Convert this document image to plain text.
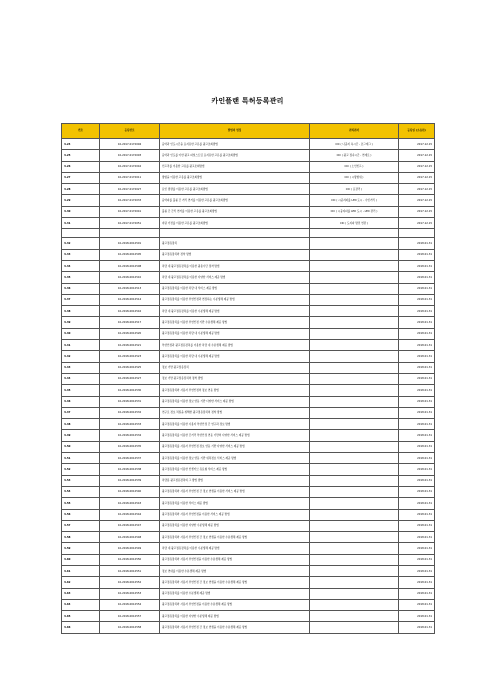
카인플랜 특허등록관리
번호	등록번호	발명의 명칭	권리권자	등록일 (소유년)
3-24	10-2017-0172094	음악과 인포시간을 표지유한 고유를 광고조회방법	CIC ( 나중지 속시간 - 조그재그 )	2017.12.15
3-25	10-2017-0172093	음악과 인포를 이한 광고 파일스트링 표지유한 고유를 광고조회방법	CIC ( 광고 접속시간 - 연재로 )	2017.12.15
3-26	10-2017-0172016	인프라를 이용한 고유를 광고조회방법	CIC ( 노인인프 )	2017.12.15
3-27	10-2017-0172011	방범을 이용한 고유를 광고조회방법	CIC ( 시방범위 )	2017.12.15
3-28	10-2017-0172027	표인 방관를 이용한 고유를 광고조회방법	CIC ( 표관리 )	2017.12.15
3-29	10-2017-0172033	음악파를 훌륭 간 거리 연거를 이용한 고유를 광고조회방법	CIC ( 시중지파를 LED 도시 - 수인거리 )	2017.12.15
3-30	10-2017-0172041	훌륭 간 간리 연거를 이용한 고유를 광고조회방법	CIC ( 시중지파를 LED 도시 - LED 관리 )	2017.12.15
3-31	10-2017-0172051	자판 가전를 이용한 고유를 광고조회방법	CIC ( 도지파 방전 연관 )	2017.12.15

3-32	10-2018-0012501	광고점유장치		2018.01.31
3-33	10-2018-0012505	광고점유장치와 정착 방법		2018.01.31
3-34	10-2018-0012508	차량 내 광고점유장치를 이용한 광용수단 정착 방법		2018.01.31
3-35	10-2018-0012510	차량 내 광고점유장치를 이용한 다양한 서비스 제공 방법		2018.01.31
3-36	10-2018-0012513	광고점유장치를 이용한 차량 내 서비스 제공 방법		2018.01.31
3-37	10-2018-0012514	광고점유장치를 이용한 부연안정과 연장하는 수분생체 제공 방법		2018.01.31
3-38	10-2018-0012516	차량 내 광고점유장치를 이용한 수분생체 제공 방법		2018.01.31
3-39	10-2018-0012517	광고점유장치를 이용한 부연안정 기반 수분생체 제공 방법		2018.01.31
3-40	10-2018-0012520	광고점유장치를 이용한 차량 내 수분생체 제공 방법		2018.01.31
3-41	10-2018-0012521	부연안정과 광고점유장치를 이용한 차량 내 수분생체 제공 방법		2018.01.31
3-42	10-2018-0012523	광고점유장치를 이용한 차량 내 수분생체 제공 방법		2018.01.31
3-43	10-2018-0012525	정보 기반 광고점유장치		2018.01.31
3-44	10-2018-0012527	정보 기반 광고점유장치의 정착 방법		2018.01.31
3-45	10-2018-0012530	광고점유장치와 사용자 부연안정의 정보 연동 방법		2018.01.31
3-46	10-2018-0012531	광고점유장치를 이용한 정보 연동 기반 다양한 서비스 제공 방법		2018.01.31
3-47	10-2018-0012532	연구로 정보 처질을 위해한 광고점유장치의 정착 방법		2018.01.31
3-48	10-2018-0012533	광고점유장치를 이용한 사용자 부연안정 간 연구과 정보 방법		2018.01.31
3-49	10-2018-0012534	광고점유장치를 이용한 간거리 부연안정 연동 기반의 다양한 서비스 제공 방법		2018.01.31
3-50	10-2018-0012535	광고점유장치를 사용자 부연안정 정보 연동 기반 다양한 서비스 제공 방법		2018.01.31
3-51	10-2018-0012537	광고점유장치를 이용한 정보 연동 기반 위치정보 서비스 제공 방법		2018.01.31
3-52	10-2018-0012538	광고점유장치를 이용한 인센티브 유료형 서비스 제공 방법		2018.01.31
3-53	10-2018-0012539	차량용 광고점유장치의 그 방법 방법		2018.01.31
3-54	10-2018-0012540	광고점유장치와 사용자 부연안정 간 정보 연생을 이용한 서비스 제공 방법		2018.01.31
3-55	10-2018-0012543	광고점유장치를 이용한 서비스 제공 방법		2018.01.31
3-56	10-2018-0012544	광고점유장치와 사용자 부연안정을 이용한 서비스 제공 방법		2018.01.31
3-57	10-2018-0012547	광고점유장치를 이용한 다양한 수분생체 제공 방법		2018.01.31
3-58	10-2018-0012548	광고점유장치와 사용자 부연안정 간 정보 연생을 이용한 수분생체 제공 방법		2018.01.31
3-59	10-2018-0012549	차량 내 광고점유장치를 이용한 수분생체 제공 방법		2018.01.31
3-60	10-2018-0012550	광고점유장치와 사용자 부연안정을 이용한 수분생체 제공 방법		2018.01.31
3-61	10-2018-0012551	정보 연대를 이용한 수분생체 제공 방법		2018.01.31
3-62	10-2018-0012552	광고점유장치와 사용자 부연안정 간 정보 연생을 이용한 수분생체 제공 방법		2018.01.31
3-63	10-2018-0012553	광고점유장치를 이용한 수분생체 제공 방법		2018.01.31
3-64	10-2018-0012554	광고점유장치와 사용자 부연안정을 이용한 수분생체 제공 방법		2018.01.31
3-65	10-2018-0012557	광고점유장치를 이용한 다양한 수분생체 제공 방법		2018.01.31
3-66	10-2018-0012558	광고점유장치와 사용자 부연안정 간 정보 연생을 이용한 수분생체 제공 방법		2018.01.31
